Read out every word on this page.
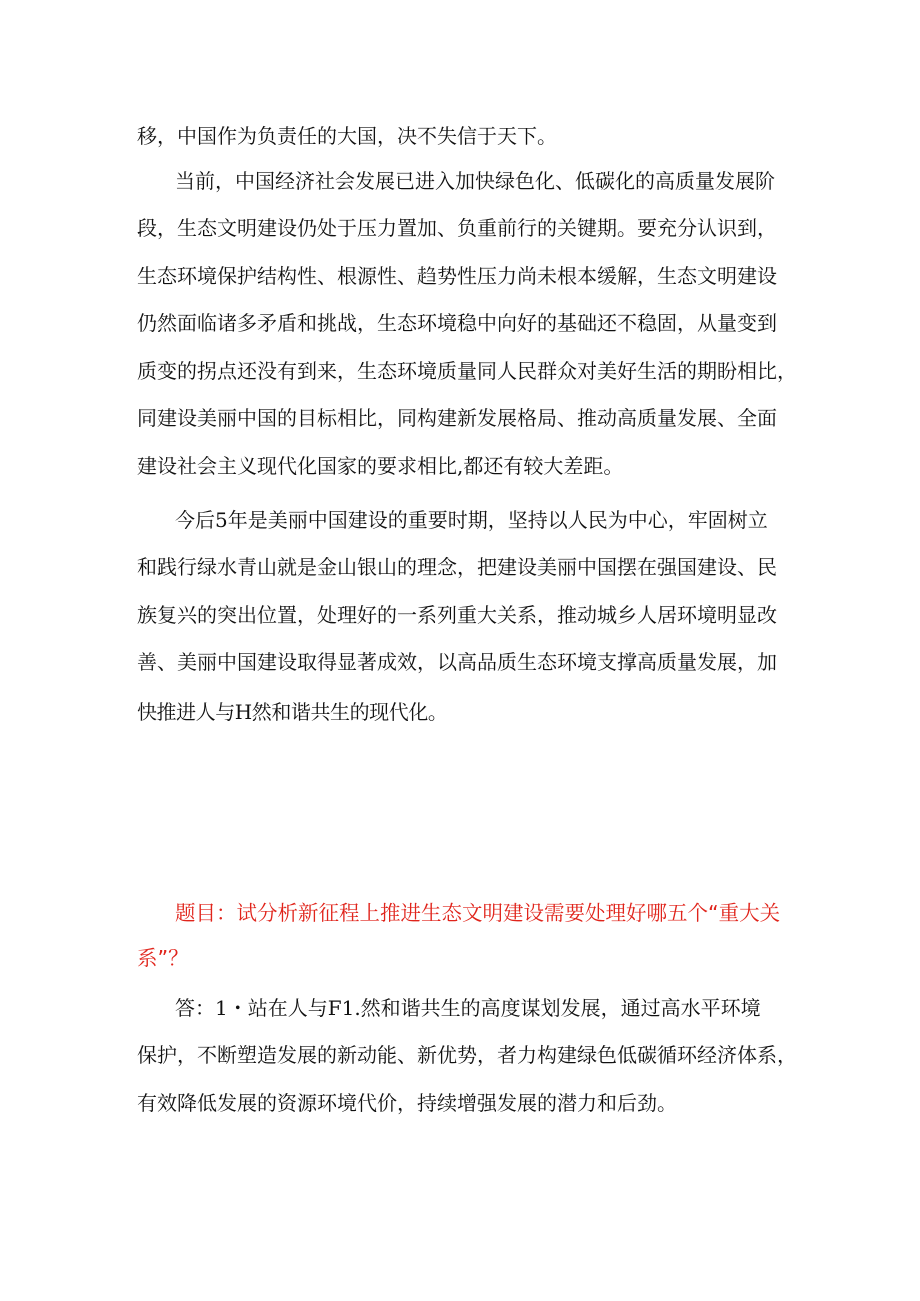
移，中国作为负责任的大国，决不失信于天下。

当前，中国经济社会发展已进入加快绿色化、低碳化的高质量发展阶

段，生态文明建设仍处于压力置加、负重前行的关键期。要充分认识到，

生态环境保护结构性、根源性、趋势性压力尚未根本缓解，生态文明建设

仍然面临诸多矛盾和挑战，生态环境稳中向好的基础还不稳固，从量变到

质变的拐点还没有到来，生态环境质量同人民群众对美好生活的期盼相比，

同建设美丽中国的目标相比，同构建新发展格局、推动高质量发展、全面

建设社会主义现代化国家的要求相比,都还有较大差距。

今后5年是美丽中国建设的重要时期，坚持以人民为中心，牢固树立

和践行绿水青山就是金山银山的理念，把建设美丽中国摆在强国建设、民

族复兴的突出位置，处理好的一系列重大关系，推动城乡人居环境明显改

善、美丽中国建设取得显著成效，以高品质生态环境支撑高质量发展，加

快推进人与H然和谐共生的现代化。

题目：试分析新征程上推进生态文明建设需要处理好哪五个“重大关

系”？

答：1・站在人与F1.然和谐共生的高度谋划发展，通过高水平环境

保护，不断塑造发展的新动能、新优势，者力构建绿色低碳循环经济体系，

有效降低发展的资源环境代价，持续增强发展的潜力和后劲。
